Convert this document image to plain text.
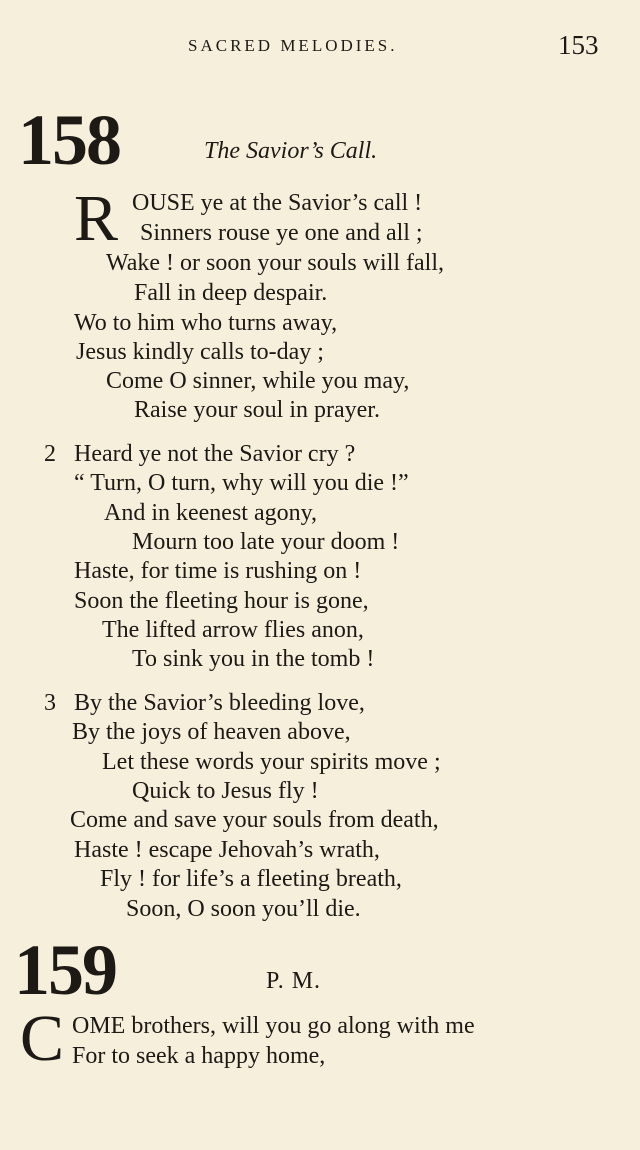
SACRED MELODIES.	153
158	The Savior’s Call.
R OUSE ye at the Savior’s call !
Sinners rouse ye one and all ;
Wake ! or soon your souls will fall,
Fall in deep despair.
Wo to him who turns away,
Jesus kindly calls to-day ;
Come O sinner, while you may,
Raise your soul in prayer.
2 Heard ye not the Savior cry ?
“ Turn, O turn, why will you die !”
And in keenest agony,
Mourn too late your doom !
Haste, for time is rushing on !
Soon the fleeting hour is gone,
The lifted arrow flies anon,
To sink you in the tomb !
3 By the Savior’s bleeding love,
By the joys of heaven above,
Let these words your spirits move ;
Quick to Jesus fly !
Come and save your souls from death,
Haste ! escape Jehovah’s wrath,
Fly ! for life’s a fleeting breath,
Soon, O soon you’ll die.
159	P. M.
C OME brothers, will you go along with me
For to seek a happy home,
